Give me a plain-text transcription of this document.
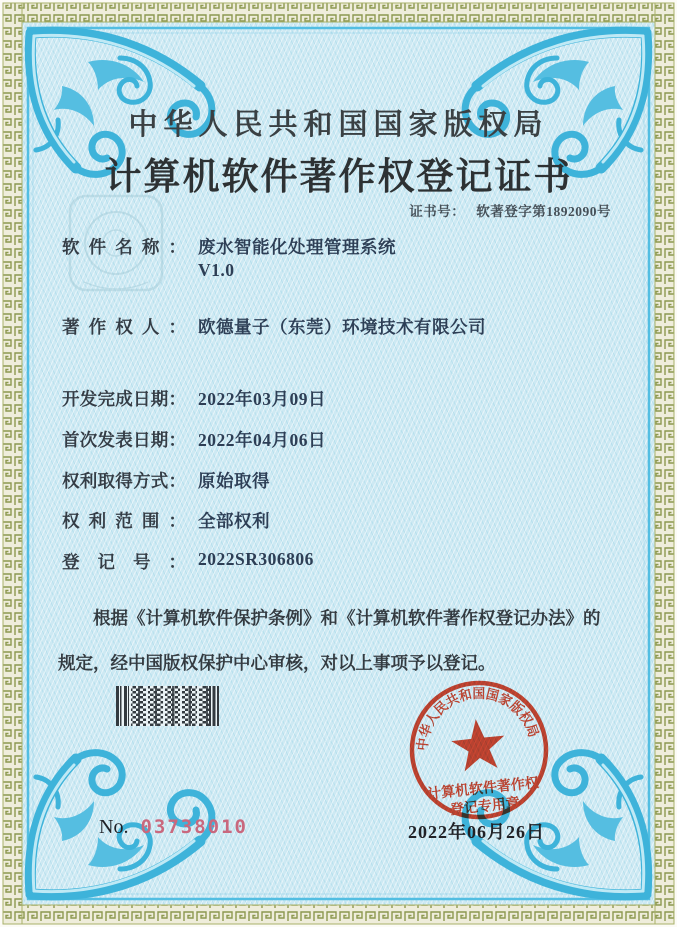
中华人民共和国国家版权局
计算机软件著作权登记证书
证书号： 软著登字第1892090号
软件名称： 废水智能化处理管理系统
V1.0
著作权人： 欧德量子（东莞）环境技术有限公司
开发完成日期： 2022年03月09日
首次发表日期： 2022年04月06日
权利取得方式： 原始取得
权利范围： 全部权利
登记号： 2022SR306806
根据《计算机软件保护条例》和《计算机软件著作权登记办法》的
规定，经中国版权保护中心审核，对以上事项予以登记。
中华人民共和国国家版权局
计算机软件著作权
登记专用章
No. 03738010	2022年06月26日
